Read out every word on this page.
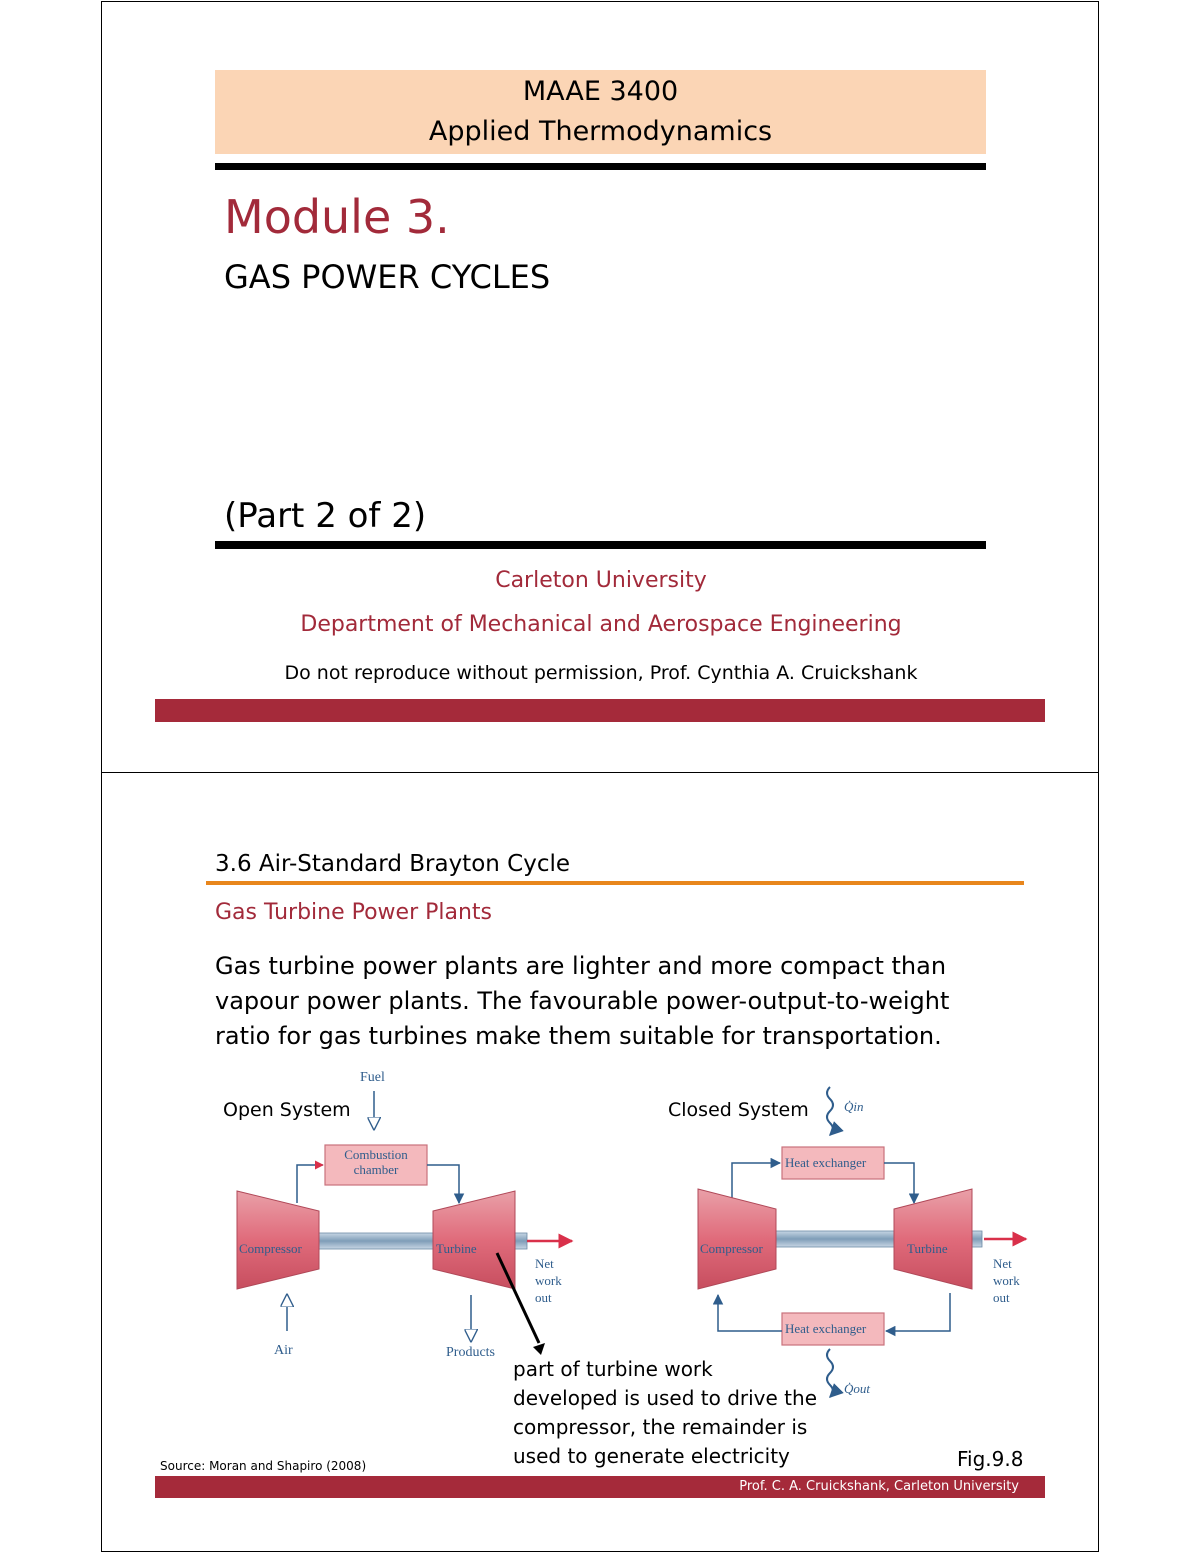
MAAE 3400
Applied Thermodynamics
Module 3.
GAS POWER CYCLES
(Part 2 of 2)
Carleton University
Department of Mechanical and Aerospace Engineering
Do not reproduce without permission, Prof. Cynthia A. Cruickshank
3.6 Air-Standard Brayton Cycle
Gas Turbine Power Plants
Gas turbine power plants are lighter and more compact than
vapour power plants. The favourable power-output-to-weight
ratio for gas turbines make them suitable for transportation.
Open System	Closed System
Fuel
Combustion
chamber
Compressor	Turbine
Net
work
out
Air	Products
Q̇in
Heat exchanger
Compressor	Turbine
Net
work
out
Heat exchanger
Q̇out
part of turbine work
developed is used to drive the
compressor, the remainder is
used to generate electricity
Source: Moran and Shapiro (2008)	Fig.9.8
Prof. C. A. Cruickshank, Carleton University
